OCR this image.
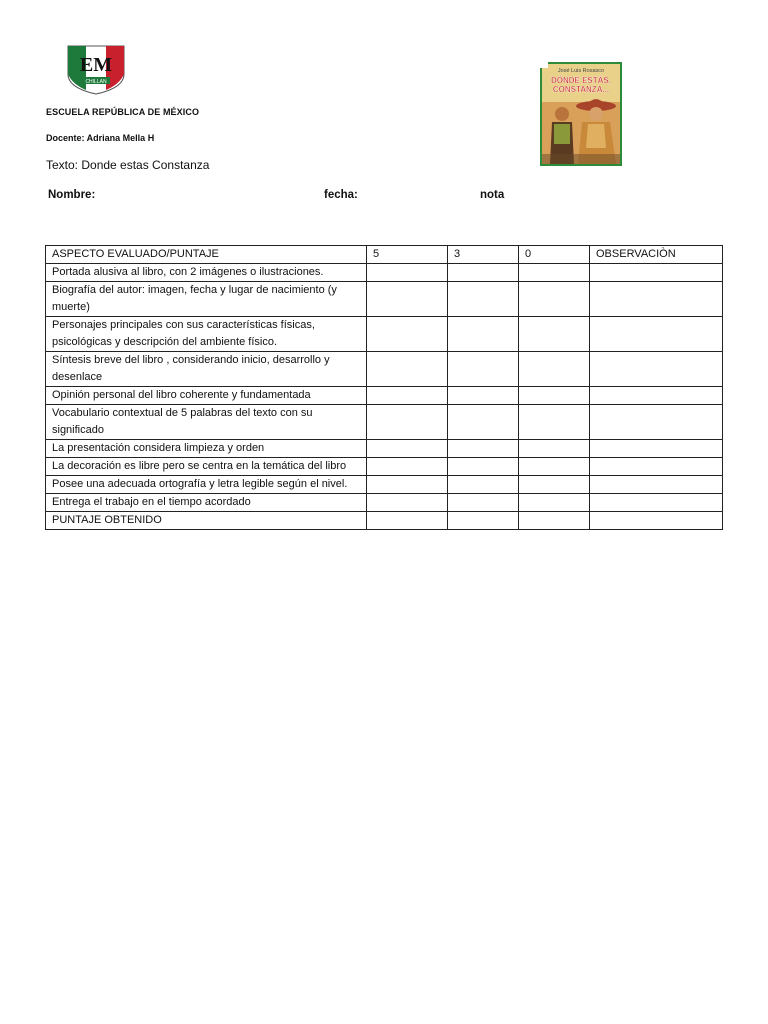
EM
CHILLAN
ESCUELA REPÚBLICA DE MÉXICO
Docente: Adriana Mella H
Texto: Donde estas Constanza
José Luis Rosasco
DÓNDE ESTÁS,
CONSTANZA...
Nombre:	fecha:	nota
ASPECTO EVALUADO/PUNTAJE	5	3	0	OBSERVACIÒN
Portada alusiva al libro, con 2 imágenes o ilustraciones.				
Biografía del autor: imagen, fecha y lugar de nacimiento (y muerte)				
Personajes principales con sus características físicas, psicológicas y descripción del ambiente físico.				
Síntesis breve del libro , considerando inicio, desarrollo y desenlace				
Opinión personal del libro coherente y fundamentada				
Vocabulario contextual de 5 palabras del texto con su significado				
La presentación considera limpieza y orden				
La decoración es libre pero se centra en la temática del libro				
Posee una adecuada ortografía y letra legible según el nivel.				
Entrega el trabajo en el tiempo acordado				
PUNTAJE OBTENIDO				
